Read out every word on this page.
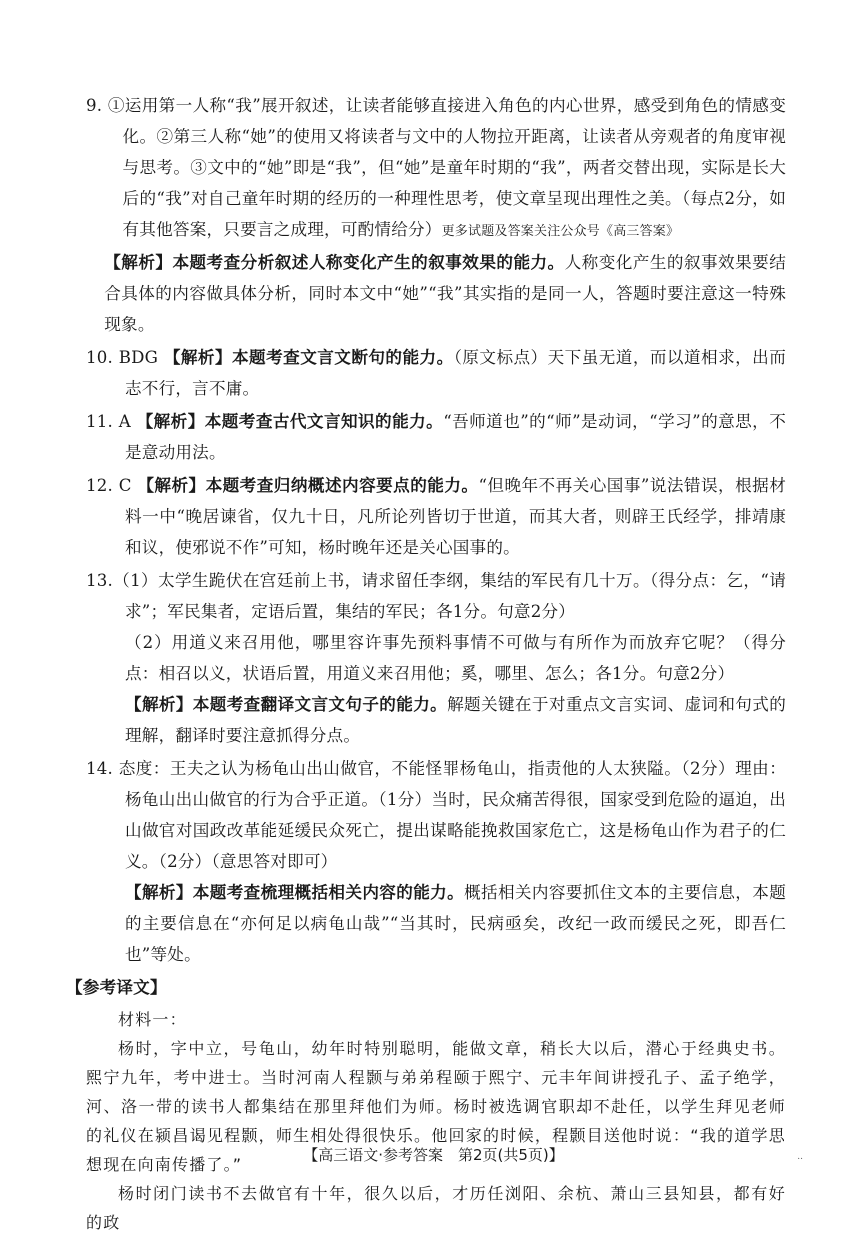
9. ①运用第一人称“我”展开叙述，让读者能够直接进入角色的内心世界，感受到角色的情感变化。②第三人称“她”的使用又将读者与文中的人物拉开距离，让读者从旁观者的角度审视与思考。③文中的“她”即是“我”，但“她”是童年时期的“我”，两者交替出现，实际是长大后的“我”对自己童年时期的经历的一种理性思考，使文章呈现出理性之美。（每点2分，如有其他答案，只要言之成理，可酌情给分）更多试题及答案关注公众号《高三答案》
【解析】本题考查分析叙述人称变化产生的叙事效果的能力。人称变化产生的叙事效果要结合具体的内容做具体分析，同时本文中“她”“我”其实指的是同一人，答题时要注意这一特殊现象。
10. BDG 【解析】本题考查文言文断句的能力。（原文标点）天下虽无道，而以道相求，出而志不行，言不庸。
11. A 【解析】本题考查古代文言知识的能力。“吾师道也”的“师”是动词，“学习”的意思，不是意动用法。
12. C 【解析】本题考查归纳概述内容要点的能力。“但晚年不再关心国事”说法错误，根据材料一中“晚居谏省，仅九十日，凡所论列皆切于世道，而其大者，则辟王氏经学，排靖康和议，使邪说不作”可知，杨时晚年还是关心国事的。
13.（1）太学生跪伏在宫廷前上书，请求留任李纲，集结的军民有几十万。（得分点：乞，“请求”；军民集者，定语后置，集结的军民；各1分。句意2分）
（2）用道义来召用他，哪里容许事先预料事情不可做与有所作为而放弃它呢？（得分点：相召以义，状语后置，用道义来召用他；奚，哪里、怎么；各1分。句意2分）
【解析】本题考查翻译文言文句子的能力。解题关键在于对重点文言实词、虚词和句式的理解，翻译时要注意抓得分点。
14. 态度：王夫之认为杨龟山出山做官，不能怪罪杨龟山，指责他的人太狭隘。（2分）理由：杨龟山出山做官的行为合乎正道。（1分）当时，民众痛苦得很，国家受到危险的逼迫，出山做官对国政改革能延缓民众死亡，提出谋略能挽救国家危亡，这是杨龟山作为君子的仁义。（2分）（意思答对即可）
【解析】本题考查梳理概括相关内容的能力。概括相关内容要抓住文本的主要信息，本题的主要信息在“亦何足以病龟山哉”“当其时，民病亟矣，改纪一政而缓民之死，即吾仁也”等处。
【参考译文】
材料一：
杨时，字中立，号龟山，幼年时特别聪明，能做文章，稍长大以后，潜心于经典史书。熙宁九年，考中进士。当时河南人程颢与弟弟程颐于熙宁、元丰年间讲授孔子、孟子绝学，河、洛一带的读书人都集结在那里拜他们为师。杨时被选调官职却不赴任，以学生拜见老师的礼仪在颍昌谒见程颢，师生相处得很快乐。他回家的时候，程颢目送他时说：“我的道学思想现在向南传播了。”
杨时闭门读书不去做官有十年，很久以后，才历任浏阳、余杭、萧山三县知县，都有好的政
【高三语文·参考答案　第2页(共5页)】	..
